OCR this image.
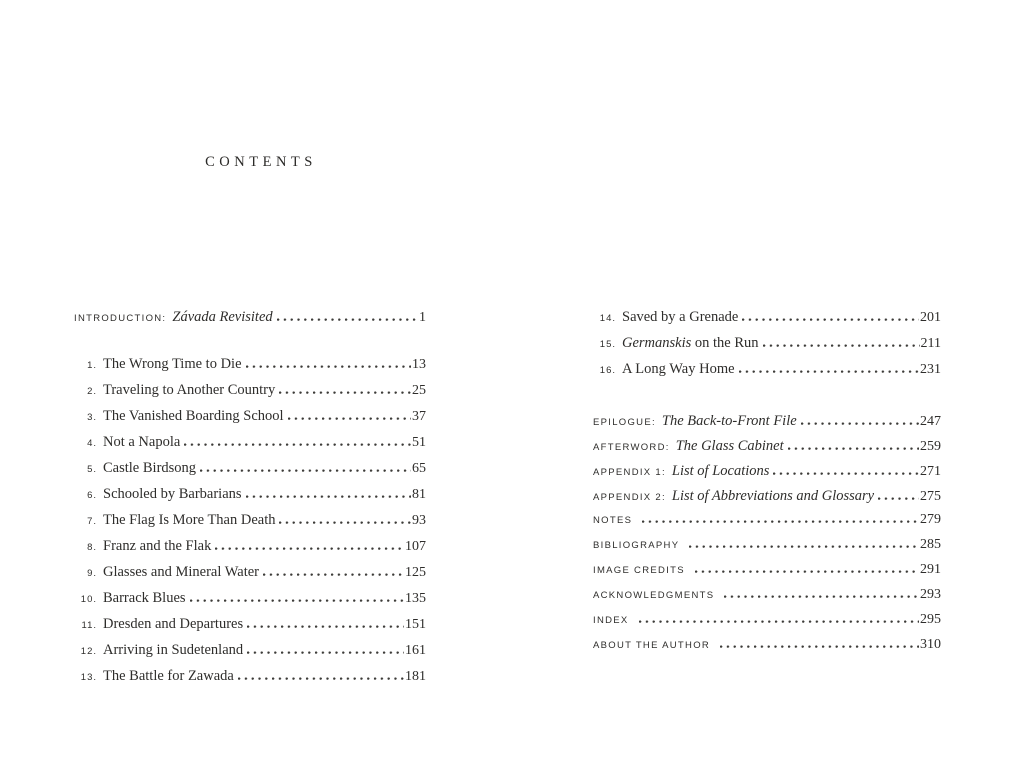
CONTENTS
INTRODUCTION: Závada Revisited	1
1. The Wrong Time to Die	13
2. Traveling to Another Country	25
3. The Vanished Boarding School	37
4. Not a Napola	51
5. Castle Birdsong	65
6. Schooled by Barbarians	81
7. The Flag Is More Than Death	93
8. Franz and the Flak	107
9. Glasses and Mineral Water	125
10. Barrack Blues	135
11. Dresden and Departures	151
12. Arriving in Sudetenland	161
13. The Battle for Zawada	181
14. Saved by a Grenade	201
15. Germanskis on the Run	211
16. A Long Way Home	231
EPILOGUE: The Back-to-Front File	247
AFTERWORD: The Glass Cabinet	259
APPENDIX 1: List of Locations	271
APPENDIX 2: List of Abbreviations and Glossary	275
NOTES	279
BIBLIOGRAPHY	285
IMAGE CREDITS	291
ACKNOWLEDGMENTS	293
INDEX	295
ABOUT THE AUTHOR	310
